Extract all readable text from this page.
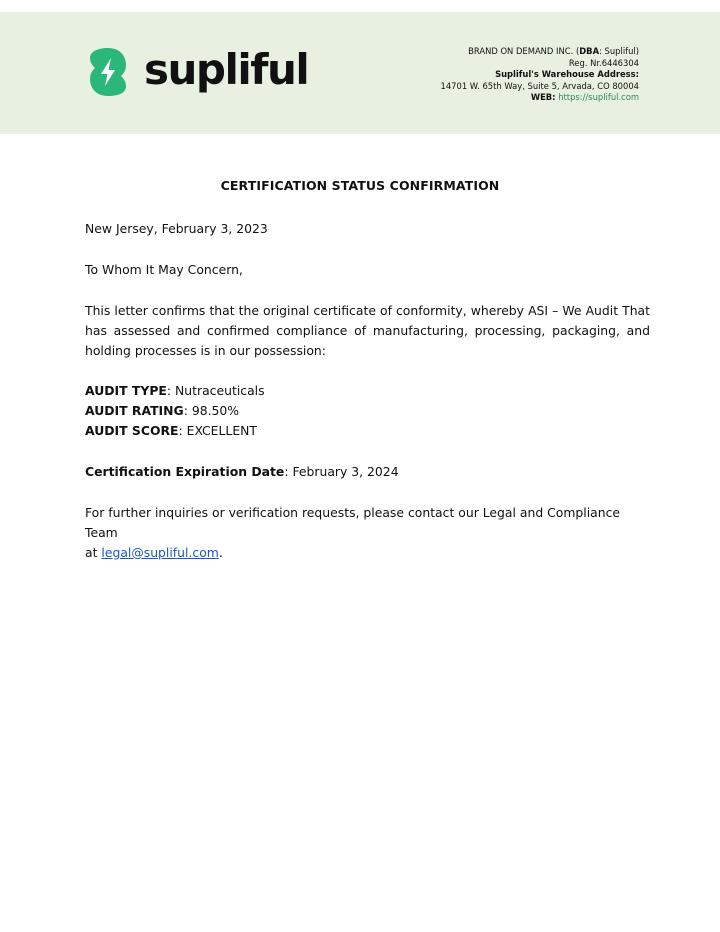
supliful	BRAND ON DEMAND INC. (DBA: Supliful)
Reg. Nr.6446304
Supliful's Warehouse Address:
14701 W. 65th Way, Suite 5, Arvada, CO 80004
WEB: https://supliful.com
CERTIFICATION STATUS CONFIRMATION
New Jersey, February 3, 2023
To Whom It May Concern,
This letter confirms that the original certificate of conformity, whereby ASI – We Audit That has assessed and confirmed compliance of manufacturing, processing, packaging, and holding processes is in our possession:
AUDIT TYPE: Nutraceuticals
AUDIT RATING: 98.50%
AUDIT SCORE: EXCELLENT
Certification Expiration Date: February 3, 2024
For further inquiries or verification requests, please contact our Legal and Compliance Team
at legal@supliful.com.
